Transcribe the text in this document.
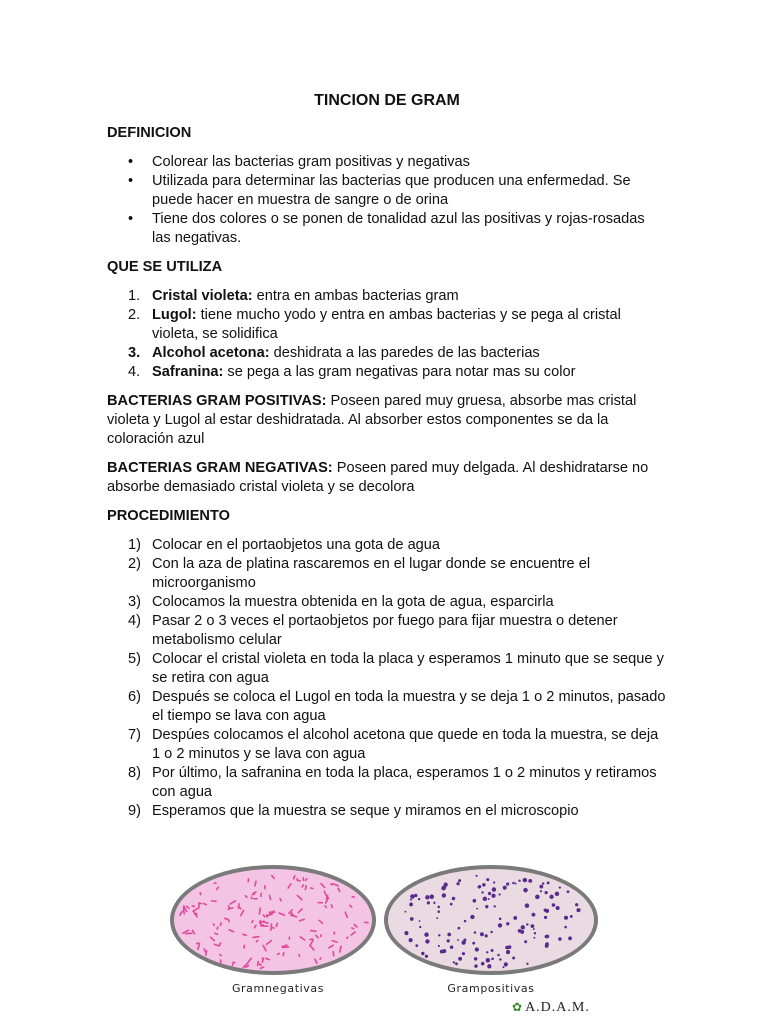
TINCION DE GRAM
DEFINICION
• Colorear las bacterias gram positivas y negativas
• Utilizada para determinar las bacterias que producen una enfermedad. Se puede hacer en muestra de sangre o de orina
• Tiene dos colores o se ponen de tonalidad azul las positivas y rojas-rosadas las negativas.
QUE SE UTILIZA
1. Cristal violeta: entra en ambas bacterias gram
2. Lugol: tiene mucho yodo y entra en ambas bacterias y se pega al cristal violeta, se solidifica
3. Alcohol acetona: deshidrata a las paredes de las bacterias
4. Safranina: se pega a las gram negativas para notar mas su color
BACTERIAS GRAM POSITIVAS: Poseen pared muy gruesa, absorbe mas cristal violeta y Lugol al estar deshidratada. Al absorber estos componentes se da la coloración azul
BACTERIAS GRAM NEGATIVAS: Poseen pared muy delgada. Al deshidratarse no absorbe demasiado cristal violeta y se decolora
PROCEDIMIENTO
1) Colocar en el portaobjetos una gota de agua
2) Con la aza de platina rascaremos en el lugar donde se encuentre el microorganismo
3) Colocamos la muestra obtenida en la gota de agua, esparcirla
4) Pasar 2 o 3 veces el portaobjetos por fuego para fijar muestra o detener metabolismo celular
5) Colocar el cristal violeta en toda la placa y esperamos 1 minuto que se seque y se retira con agua
6) Después se coloca el Lugol en toda la muestra y se deja 1 o 2 minutos, pasado el tiempo se lava con agua
7) Despúes colocamos el alcohol acetona que quede en toda la muestra, se deja 1 o 2 minutos y se lava con agua
8) Por último, la safranina en toda la placa, esperamos 1 o 2 minutos y retiramos con agua
9) Esperamos que la muestra se seque y miramos en el microscopio
Gramnegativas	Grampositivas
✿ A.D.A.M.
